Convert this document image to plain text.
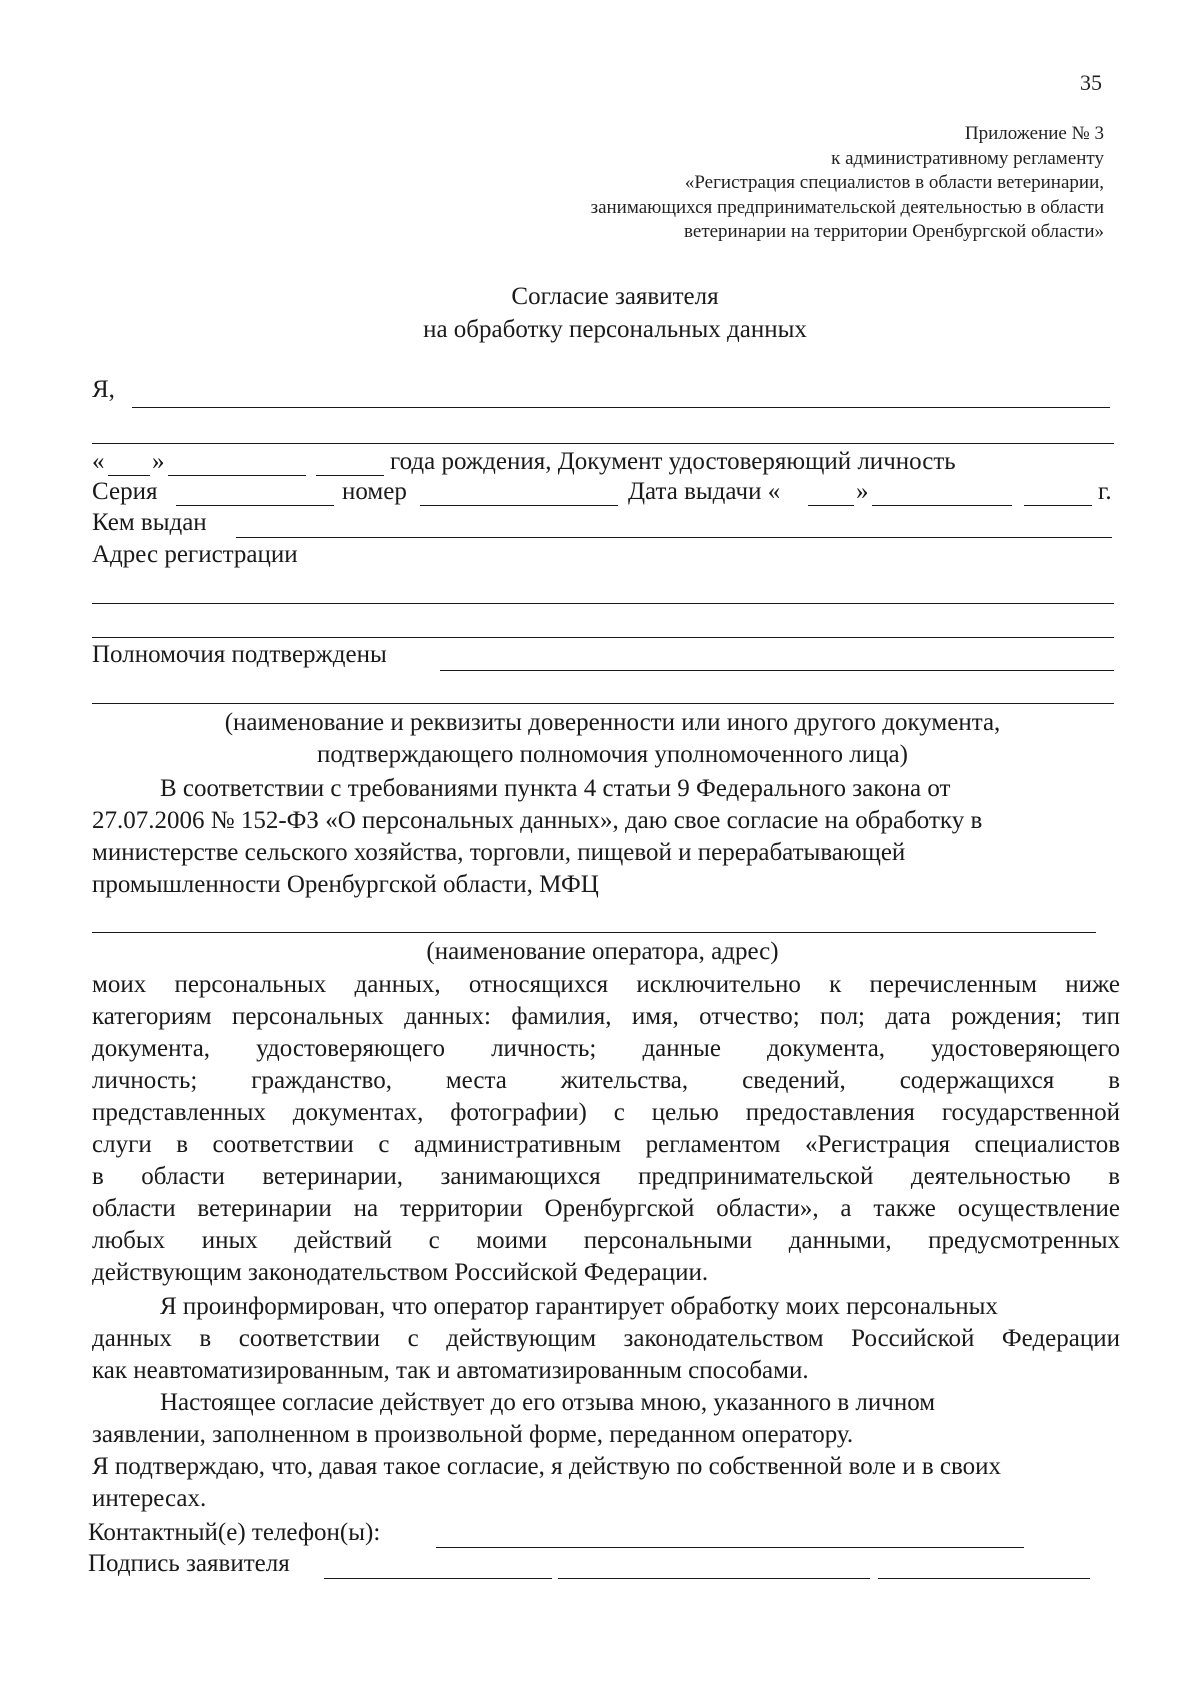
35
Приложение № 3
к административному регламенту
«Регистрация специалистов в области ветеринарии,
занимающихся предпринимательской деятельностью в области
ветеринарии на территории Оренбургской области»
Согласие заявителя
на обработку персональных данных
Я,
« »	года рождения, Документ удостоверяющий личность
Серия	номер	Дата выдачи «	»	г.
Кем выдан
Адрес регистрации
Полномочия подтверждены
(наименование и реквизиты доверенности или иного другого документа,
подтверждающего полномочия уполномоченного лица)
В соответствии с требованиями пункта 4 статьи 9 Федерального закона от
27.07.2006 № 152-ФЗ «О персональных данных», даю свое согласие на обработку в
министерстве сельского хозяйства, торговли, пищевой и перерабатывающей
промышленности Оренбургской области, МФЦ
(наименование оператора, адрес)
моих персональных данных, относящихся исключительно к перечисленным ниже
категориям персональных данных: фамилия, имя, отчество; пол; дата рождения; тип
документа, удостоверяющего личность; данные документа, удостоверяющего
личность; гражданство, места жительства, сведений, содержащихся в
представленных документах, фотографии) с целью предоставления государственной
слуги в соответствии с административным регламентом «Регистрация специалистов
в области ветеринарии, занимающихся предпринимательской деятельностью в
области ветеринарии на территории Оренбургской области», а также осуществление
любых иных действий с моими персональными данными, предусмотренных
действующим законодательством Российской Федерации.
Я проинформирован, что оператор гарантирует обработку моих персональных
данных в соответствии с действующим законодательством Российской Федерации
как неавтоматизированным, так и автоматизированным способами.
Настоящее согласие действует до его отзыва мною, указанного в личном
заявлении, заполненном в произвольной форме, переданном оператору.
Я подтверждаю, что, давая такое согласие, я действую по собственной воле и в своих
интересах.
Контактный(е) телефон(ы):
Подпись заявителя
